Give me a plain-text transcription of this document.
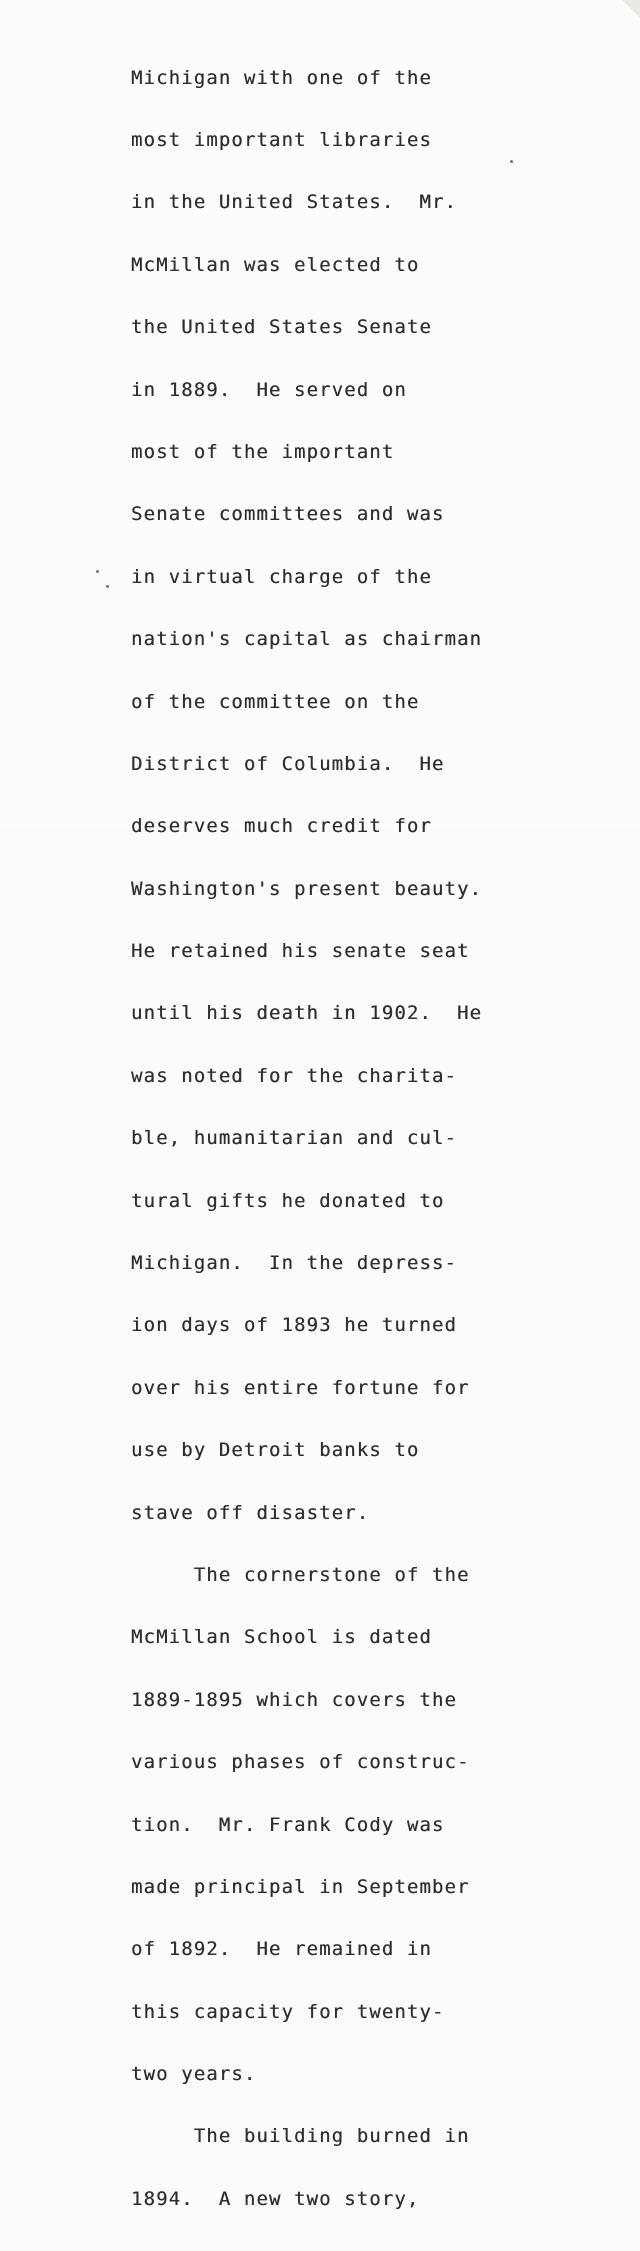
Michigan with one of the

most important libraries

in the United States.  Mr.

McMillan was elected to

the United States Senate

in 1889.  He served on

most of the important

Senate committees and was

in virtual charge of the

nation's capital as chairman

of the committee on the

District of Columbia.  He

deserves much credit for

Washington's present beauty.

He retained his senate seat

until his death in 1902.  He

was noted for the charita-

ble, humanitarian and cul-

tural gifts he donated to

Michigan.  In the depress-

ion days of 1893 he turned

over his entire fortune for

use by Detroit banks to

stave off disaster.

The cornerstone of the

McMillan School is dated

1889-1895 which covers the

various phases of construc-

tion.  Mr. Frank Cody was

made principal in September

of 1892.  He remained in

this capacity for twenty-

two years.

The building burned in

1894.  A new two story,
